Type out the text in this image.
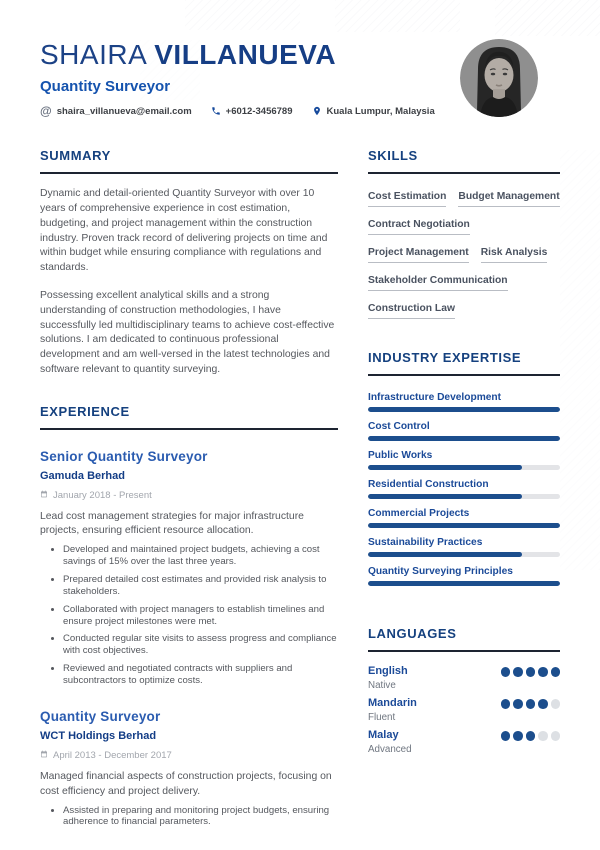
SHAIRA VILLANUEVA
Quantity Surveyor
@ shaira_villanueva@email.com	+6012-3456789	Kuala Lumpur, Malaysia
SUMMARY

Dynamic and detail-oriented Quantity Surveyor with over 10 years of comprehensive experience in cost estimation, budgeting, and project management within the construction industry. Proven track record of delivering projects on time and within budget while ensuring compliance with regulations and standards.

Possessing excellent analytical skills and a strong understanding of construction methodologies, I have successfully led multidisciplinary teams to achieve cost-effective solutions. I am dedicated to continuous professional development and am well-versed in the latest technologies and software relevant to quantity surveying.

EXPERIENCE
Senior Quantity Surveyor
Gamuda Berhad
January 2018 - Present
Lead cost management strategies for major infrastructure projects, ensuring efficient resource allocation.
• Developed and maintained project budgets, achieving a cost savings of 15% over the last three years.
• Prepared detailed cost estimates and provided risk analysis to stakeholders.
• Collaborated with project managers to establish timelines and ensure project milestones were met.
• Conducted regular site visits to assess progress and compliance with cost objectives.
• Reviewed and negotiated contracts with suppliers and subcontractors to optimize costs.
Quantity Surveyor
WCT Holdings Berhad
April 2013 - December 2017
Managed financial aspects of construction projects, focusing on cost efficiency and project delivery.
• Assisted in preparing and monitoring project budgets, ensuring adherence to financial parameters.
SKILLS
Cost Estimation Budget Management
Contract Negotiation
Project Management Risk Analysis
Stakeholder Communication
Construction Law
INDUSTRY EXPERTISE
Infrastructure Development
Cost Control
Public Works
Residential Construction
Commercial Projects
Sustainability Practices
Quantity Surveying Principles
LANGUAGES
English
Native
Mandarin
Fluent
Malay
Advanced
